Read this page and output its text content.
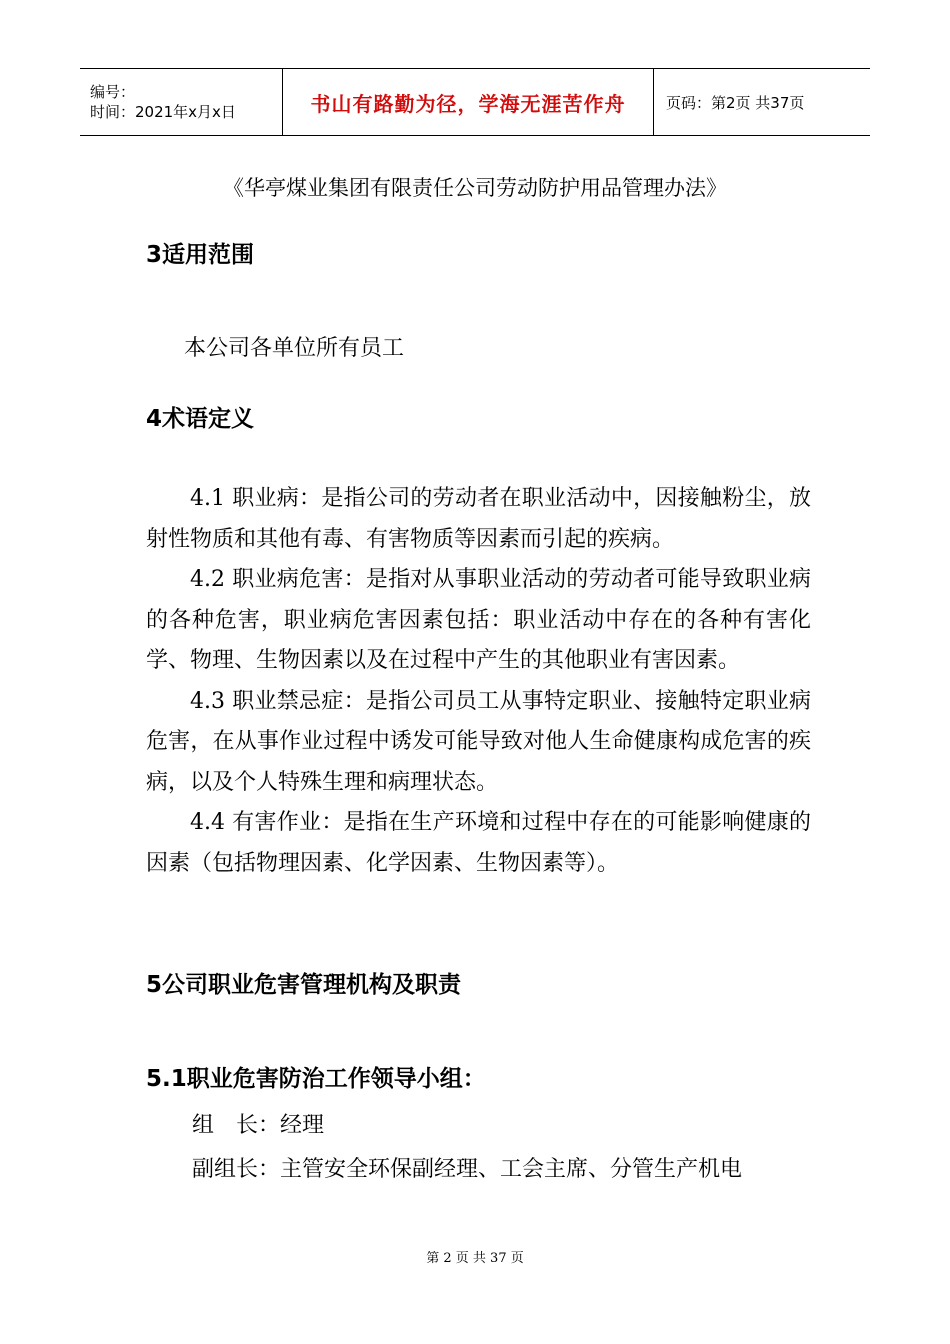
编号：
时间：2021年x月x日	书山有路勤为径，学海无涯苦作舟	页码：第2页 共37页
《华亭煤业集团有限责任公司劳动防护用品管理办法》
3适用范围

本公司各单位所有员工

4术语定义

4.1 职业病：是指公司的劳动者在职业活动中，因接触粉尘，放射性物质和其他有毒、有害物质等因素而引起的疾病。

4.2 职业病危害：是指对从事职业活动的劳动者可能导致职业病的各种危害，职业病危害因素包括：职业活动中存在的各种有害化学、物理、生物因素以及在过程中产生的其他职业有害因素。

4.3 职业禁忌症：是指公司员工从事特定职业、接触特定职业病危害，在从事作业过程中诱发可能导致对他人生命健康构成危害的疾病，以及个人特殊生理和病理状态。

4.4 有害作业：是指在生产环境和过程中存在的可能影响健康的因素（包括物理因素、化学因素、生物因素等）。

5公司职业危害管理机构及职责
5.1职业危害防治工作领导小组：

组　长：经理

副组长：主管安全环保副经理、工会主席、分管生产机电

第 2 页 共 37 页
